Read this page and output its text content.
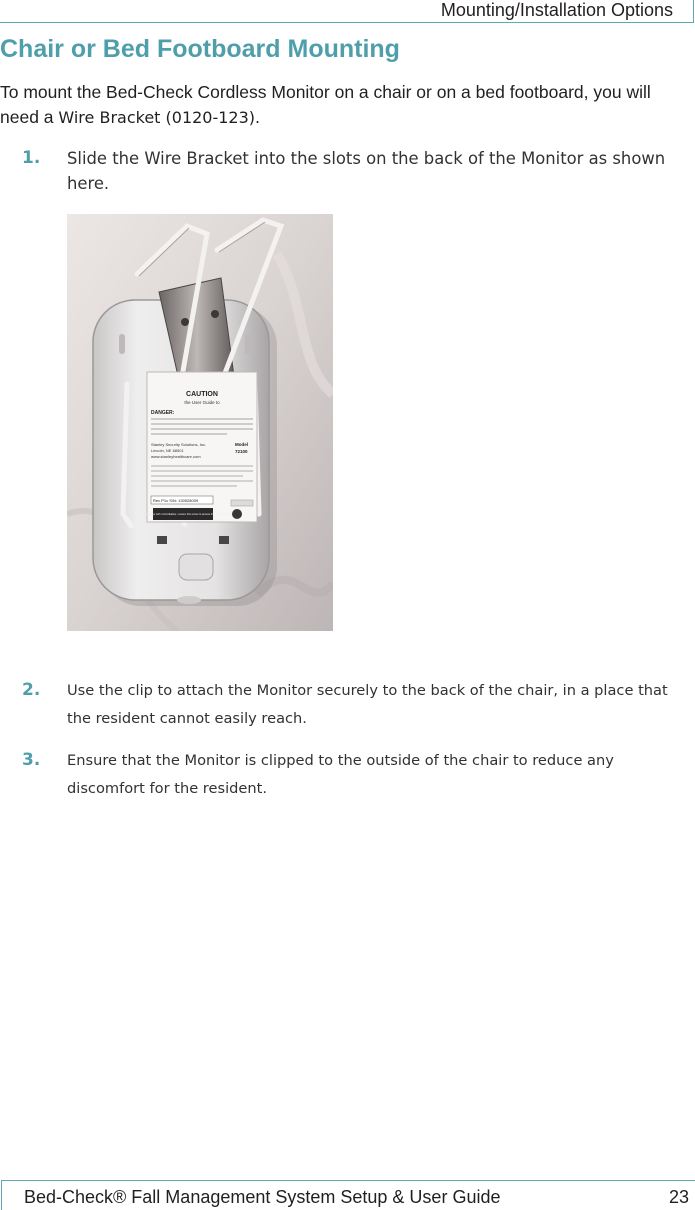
Mounting/Installation Options
Chair or Bed Footboard Mounting
To mount the Bed-Check Cordless Monitor on a chair or on a bed footboard, you will need a Wire Bracket (0120-123).
1. Slide the Wire Bracket into the slots on the back of the Monitor as shown here.
CAUTION
the User Guide to
DANGER:
Stanley Security Solutions, Inc.
Lincoln, NE 68501
www.stanleyhealthcare.com
Model
72100
Rev P1c S/N: 130528009
Replace batteries with 4 AA Alkaline. Loosen this screw to access the compartment.
2. Use the clip to attach the Monitor securely to the back of the chair, in a place that the resident cannot easily reach.
3. Ensure that the Monitor is clipped to the outside of the chair to reduce any discomfort for the resident.
Bed-Check® Fall Management System Setup & User Guide	23
